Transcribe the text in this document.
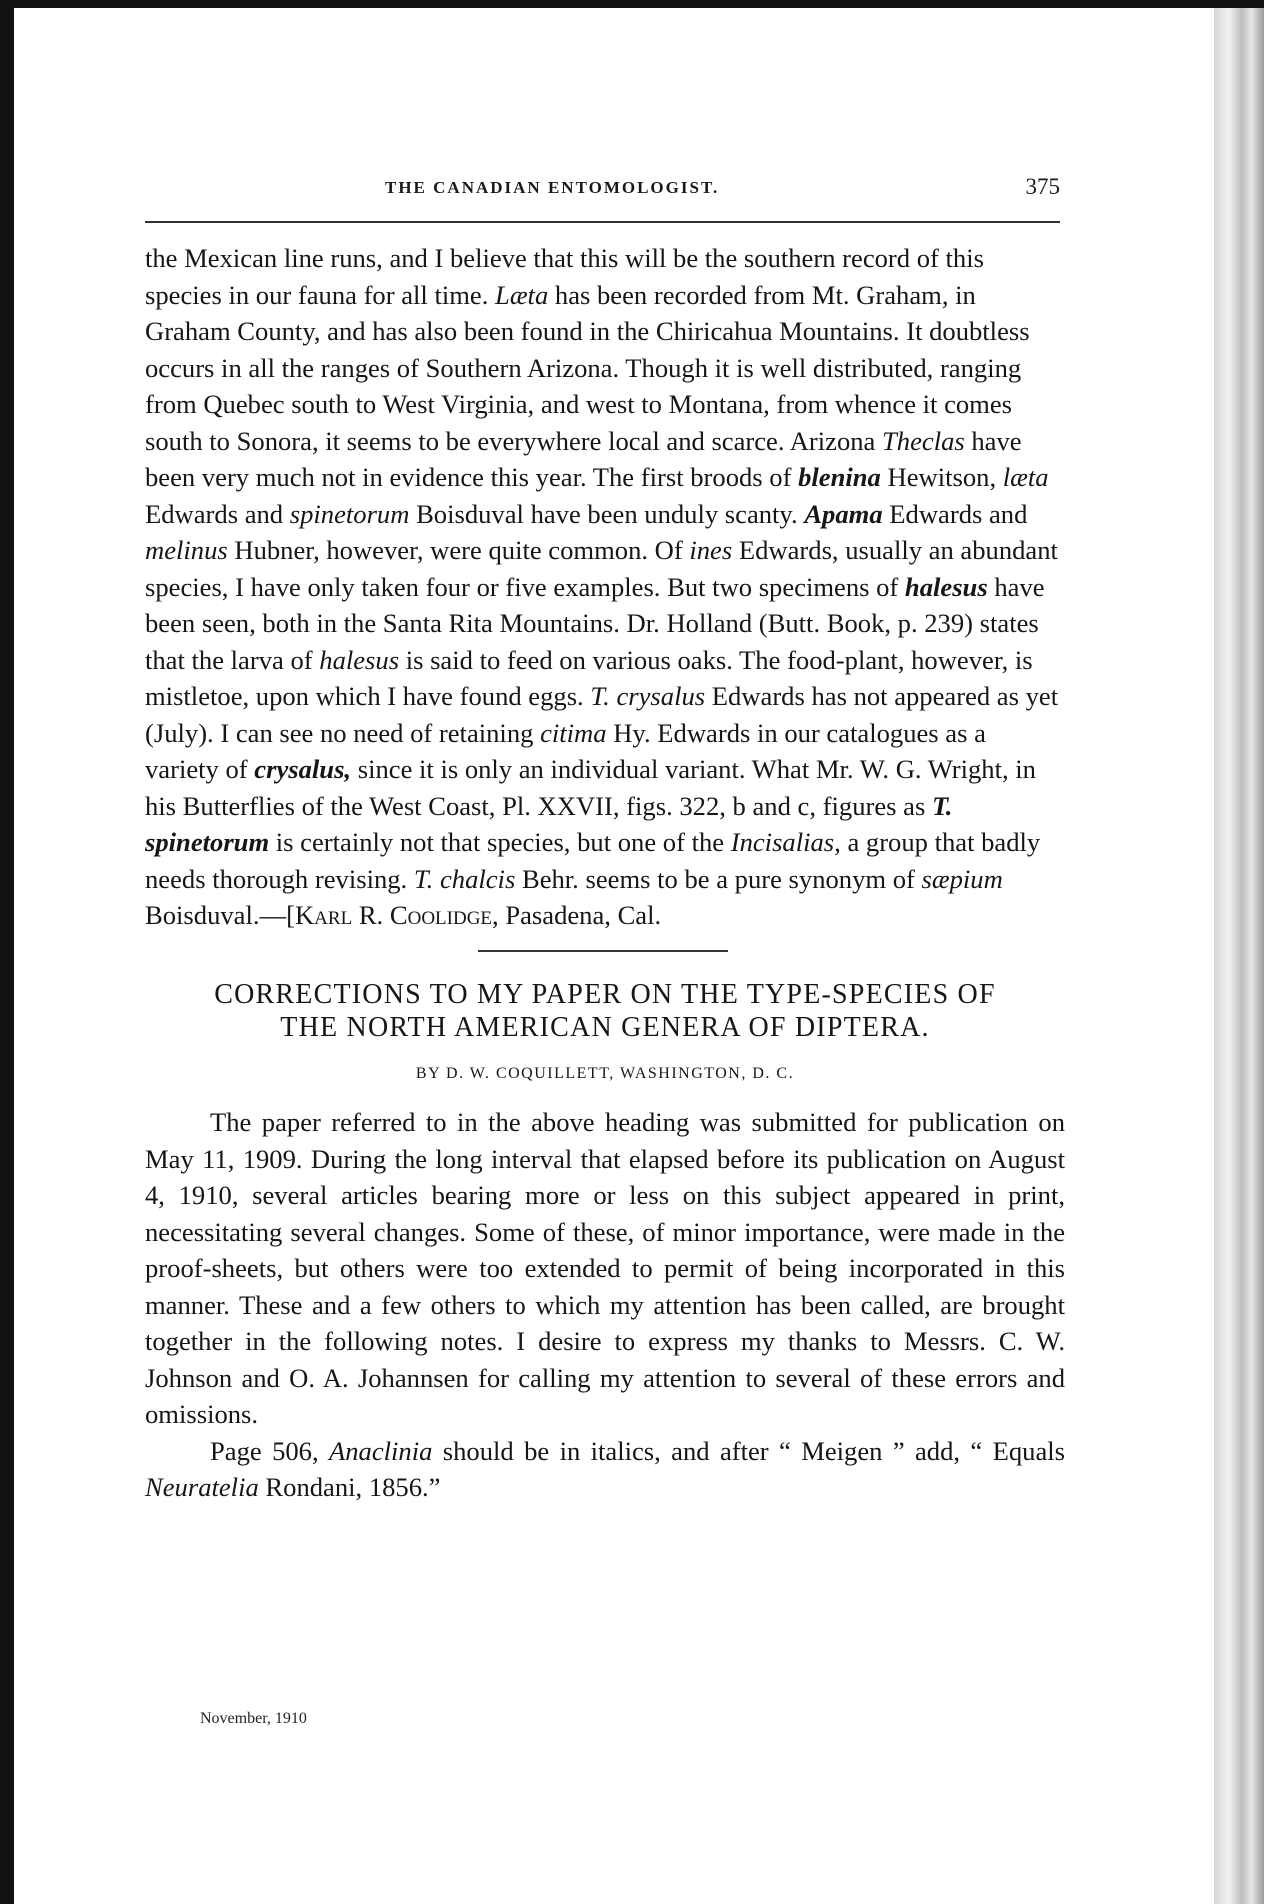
THE CANADIAN ENTOMOLOGIST.	375

the Mexican line runs, and I believe that this will be the southern record of this species in our fauna for all time. Læta has been recorded from Mt. Graham, in Graham County, and has also been found in the Chiricahua Mountains. It doubtless occurs in all the ranges of Southern Arizona. Though it is well distributed, ranging from Quebec south to West Virginia, and west to Montana, from whence it comes south to Sonora, it seems to be everywhere local and scarce. Arizona Theclas have been very much not in evidence this year. The first broods of blenina Hewitson, læta Edwards and spinetorum Boisduval have been unduly scanty. Apama Edwards and melinus Hubner, however, were quite common. Of ines Edwards, usually an abundant species, I have only taken four or five examples. But two specimens of halesus have been seen, both in the Santa Rita Mountains. Dr. Holland (Butt. Book, p. 239) states that the larva of halesus is said to feed on various oaks. The food-plant, however, is mistletoe, upon which I have found eggs. T. crysalus Edwards has not appeared as yet (July). I can see no need of retaining citima Hy. Edwards in our catalogues as a variety of crysalus, since it is only an individual variant. What Mr. W. G. Wright, in his Butterflies of the West Coast, Pl. XXVII, figs. 322, b and c, figures as T. spinetorum is certainly not that species, but one of the Incisalias, a group that badly needs thorough revising. T. chalcis Behr. seems to be a pure synonym of sæpium Boisduval.—[Karl R. Coolidge, Pasadena, Cal.

CORRECTIONS TO MY PAPER ON THE TYPE-SPECIES OF
THE NORTH AMERICAN GENERA OF DIPTERA.
BY D. W. COQUILLETT, WASHINGTON, D. C.

The paper referred to in the above heading was submitted for publication on May 11, 1909. During the long interval that elapsed before its publication on August 4, 1910, several articles bearing more or less on this subject appeared in print, necessitating several changes. Some of these, of minor importance, were made in the proof-sheets, but others were too extended to permit of being incorporated in this manner. These and a few others to which my attention has been called, are brought together in the following notes. I desire to express my thanks to Messrs. C. W. Johnson and O. A. Johannsen for calling my attention to several of these errors and omissions.

Page 506, Anaclinia should be in italics, and after “ Meigen ” add, “ Equals Neuratelia Rondani, 1856.”

November, 1910
